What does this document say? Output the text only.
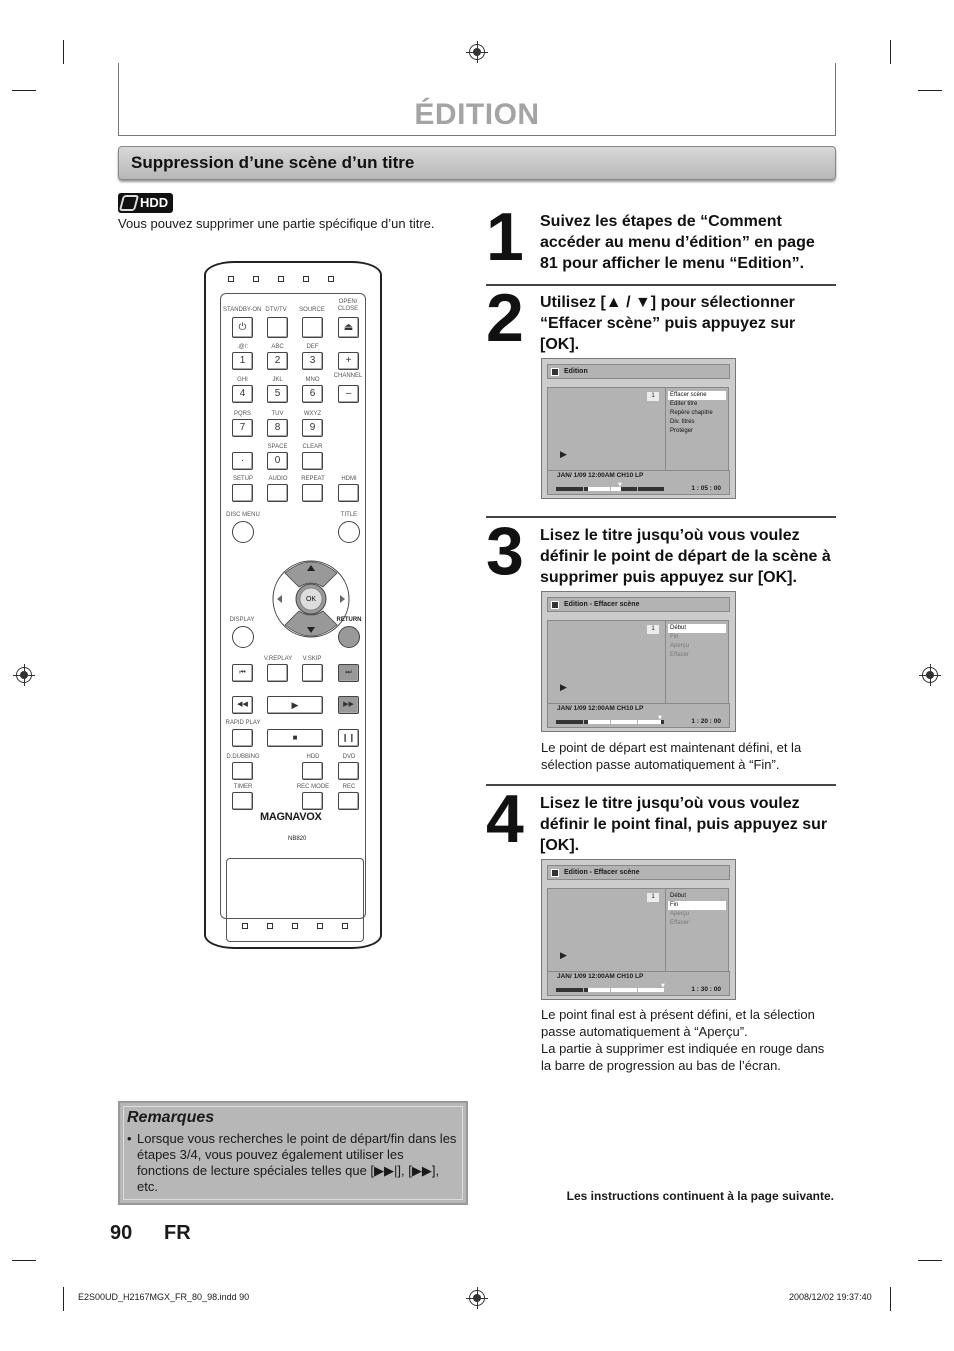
ÉDITION
Suppression d’une scène d’un titre
HDD
Vous pouvez supprimer une partie spécifique d’un titre.
STANDBY-ON DTV/TV	SOURCE
OPEN/ CLOSE
⏻	⏏
.@/:	ABC	DEF
1	2	3	+
CHANNEL
GHI	JKL	MNO
4	5	6	–
PQRS	TUV	WXYZ
7	8	9
SPACE	CLEAR
·	0
SETUP	AUDIO	REPEAT	HDMI
DISC MENU	TITLE
OK
DISPLAY	RETURN
V.REPLAY	V.SKIP
⏮	⏭
◀◀	▶	▶▶
RAPID PLAY
■	❙❙
D.DUBBING	HDD	DVD
TIMER	REC MODE	REC
MAGNAVOX
NB820
1 Suivez les étapes de “Comment accéder au menu d’édition” en page 81 pour afficher le menu “Edition”.
2 Utilisez [▲ / ▼] pour sélectionner “Effacer scène” puis appuyez sur [OK].
Edition
1
▶
Effacer scène
Editer titre
Repère chapitre
Div. titres
Protéger
JAN/ 1/09 12:00AM CH10 LP
▼	1 : 05 : 00
3 Lisez le titre jusqu’où vous voulez définir le point de départ de la scène à supprimer puis appuyez sur [OK].
Edition - Effacer scène
1
▶
Début
Fin
Aperçu
Effacer
JAN/ 1/09 12:00AM CH10 LP
▼	1 : 20 : 00
Le point de départ est maintenant défini, et la sélection passe automatiquement à “Fin”.
4 Lisez le titre jusqu’où vous voulez définir le point final, puis appuyez sur [OK].
Edition - Effacer scène
1
▶
Début
Fin
Aperçu
Effacer
JAN/ 1/09 12:00AM CH10 LP
▼	1 : 30 : 00
Le point final est à présent défini, et la sélection passe automatiquement à “Aperçu”.
La partie à supprimer est indiquée en rouge dans la barre de progression au bas de l’écran.
Remarques
• Lorsque vous recherches le point de départ/fin dans les étapes 3/4, vous pouvez également utiliser les fonctions de lecture spéciales telles que [▶▶|], [▶▶], etc.
Les instructions continuent à la page suivante.
90 FR
E2S00UD_H2167MGX_FR_80_98.indd 90	2008/12/02 19:37:40
